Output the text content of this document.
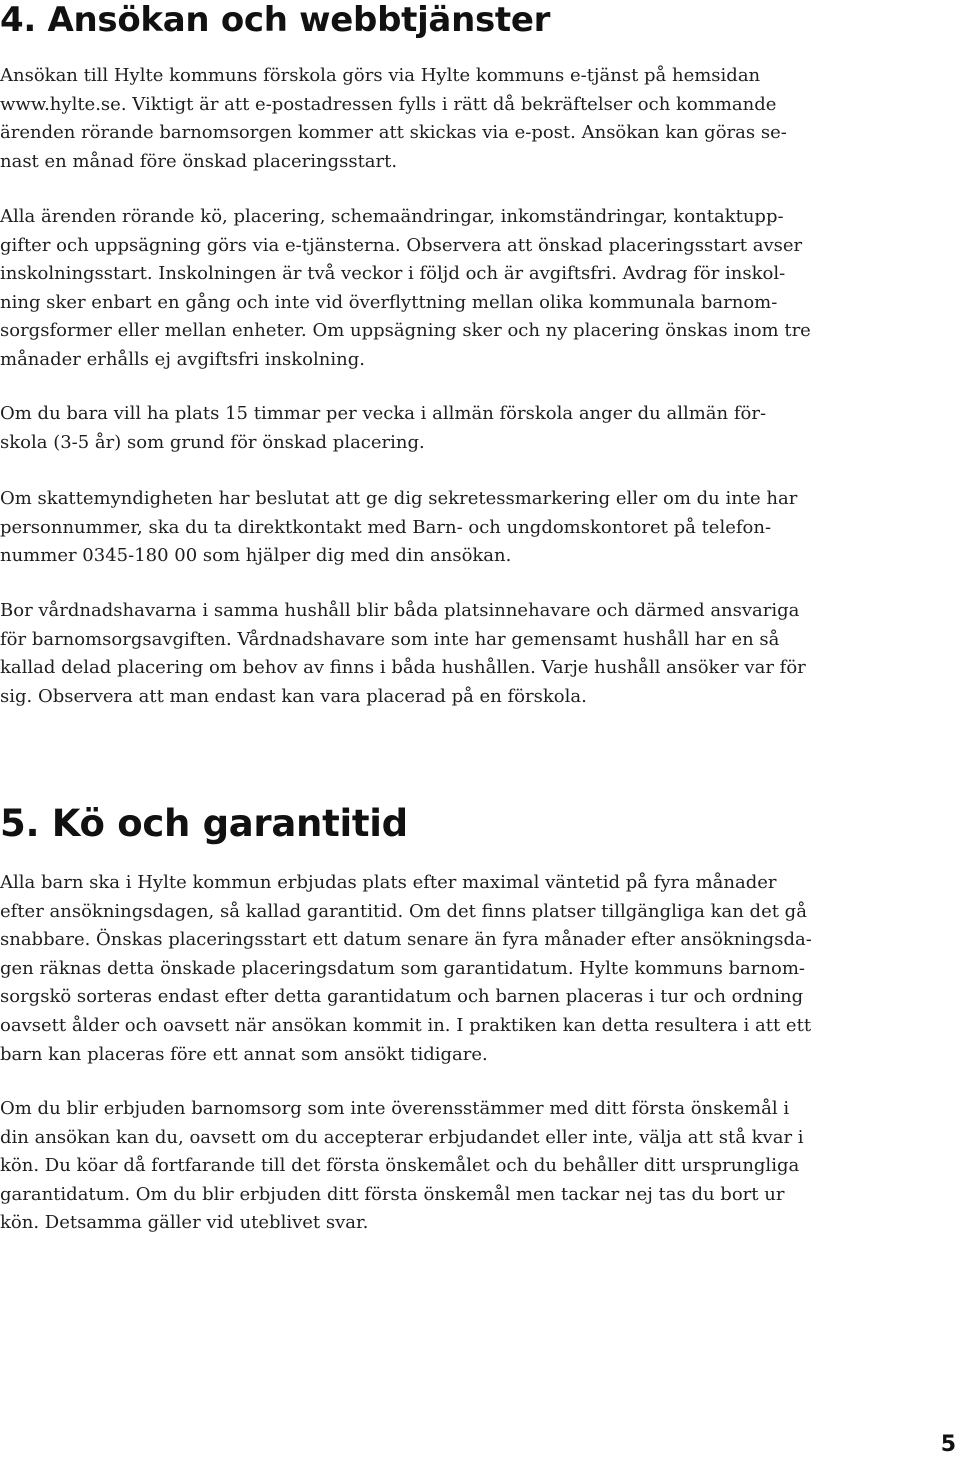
4. Ansökan och webbtjänster

Ansökan till Hylte kommuns förskola görs via Hylte kommuns e-tjänst på hemsidan
www.hylte.se. Viktigt är att e-postadressen fylls i rätt då bekräftelser och kommande
ärenden rörande barnomsorgen kommer att skickas via e-post. Ansökan kan göras se-
nast en månad före önskad placeringsstart.

Alla ärenden rörande kö, placering, schemaändringar, inkomständringar, kontaktupp-
gifter och uppsägning görs via e-tjänsterna. Observera att önskad placeringsstart avser
inskolningsstart. Inskolningen är två veckor i följd och är avgiftsfri. Avdrag för inskol-
ning sker enbart en gång och inte vid överflyttning mellan olika kommunala barnom-
sorgsformer eller mellan enheter. Om uppsägning sker och ny placering önskas inom tre
månader erhålls ej avgiftsfri inskolning.

Om du bara vill ha plats 15 timmar per vecka i allmän förskola anger du allmän för-
skola (3-5 år) som grund för önskad placering.

Om skattemyndigheten har beslutat att ge dig sekretessmarkering eller om du inte har
personnummer, ska du ta direktkontakt med Barn- och ungdomskontoret på telefon-
nummer 0345-180 00 som hjälper dig med din ansökan.

Bor vårdnadshavarna i samma hushåll blir båda platsinnehavare och därmed ansvariga
för barnomsorgsavgiften. Vårdnadshavare som inte har gemensamt hushåll har en så
kallad delad placering om behov av finns i båda hushållen. Varje hushåll ansöker var för
sig. Observera att man endast kan vara placerad på en förskola.

5. Kö och garantitid

Alla barn ska i Hylte kommun erbjudas plats efter maximal väntetid på fyra månader
efter ansökningsdagen, så kallad garantitid. Om det finns platser tillgängliga kan det gå
snabbare. Önskas placeringsstart ett datum senare än fyra månader efter ansökningsda-
gen räknas detta önskade placeringsdatum som garantidatum. Hylte kommuns barnom-
sorgskö sorteras endast efter detta garantidatum och barnen placeras i tur och ordning
oavsett ålder och oavsett när ansökan kommit in. I praktiken kan detta resultera i att ett
barn kan placeras före ett annat som ansökt tidigare.

Om du blir erbjuden barnomsorg som inte överensstämmer med ditt första önskemål i
din ansökan kan du, oavsett om du accepterar erbjudandet eller inte, välja att stå kvar i
kön. Du köar då fortfarande till det första önskemålet och du behåller ditt ursprungliga
garantidatum. Om du blir erbjuden ditt första önskemål men tackar nej tas du bort ur
kön. Detsamma gäller vid uteblivet svar.

5
